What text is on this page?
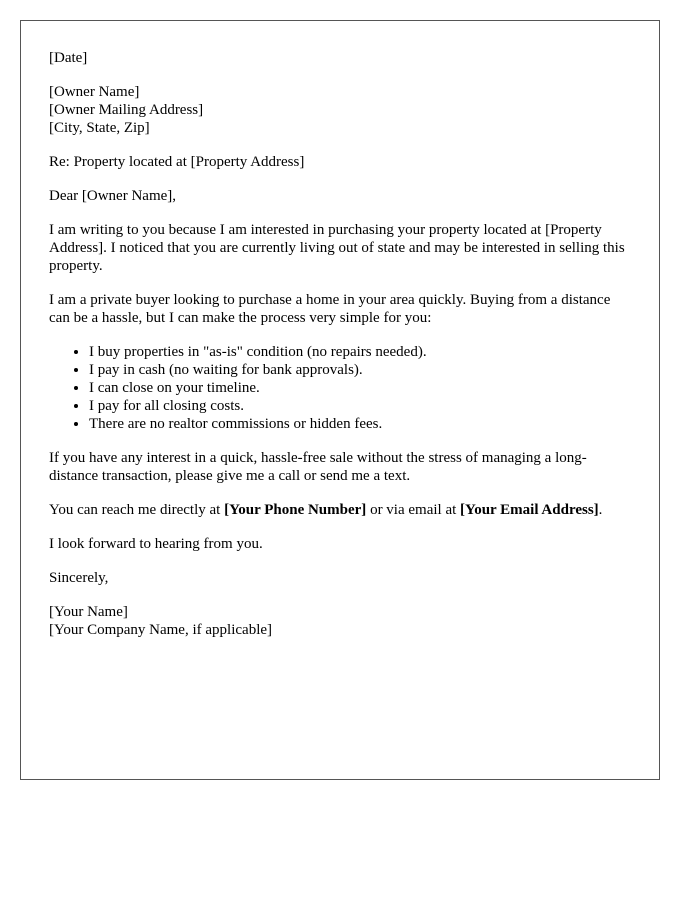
[Date]
[Owner Name]
[Owner Mailing Address]
[City, State, Zip]

Re: Property located at [Property Address]

Dear [Owner Name],

I am writing to you because I am interested in purchasing your property located at [Property Address]. I noticed that you are currently living out of state and may be interested in selling this property.

I am a private buyer looking to purchase a home in your area quickly. Buying from a distance can be a hassle, but I can make the process very simple for you:

• I buy properties in "as-is" condition (no repairs needed).
• I pay in cash (no waiting for bank approvals).
• I can close on your timeline.
• I pay for all closing costs.
• There are no realtor commissions or hidden fees.

If you have any interest in a quick, hassle-free sale without the stress of managing a long-distance transaction, please give me a call or send me a text.

You can reach me directly at [Your Phone Number] or via email at [Your Email Address].

I look forward to hearing from you.

Sincerely,

[Your Name]
[Your Company Name, if applicable]
